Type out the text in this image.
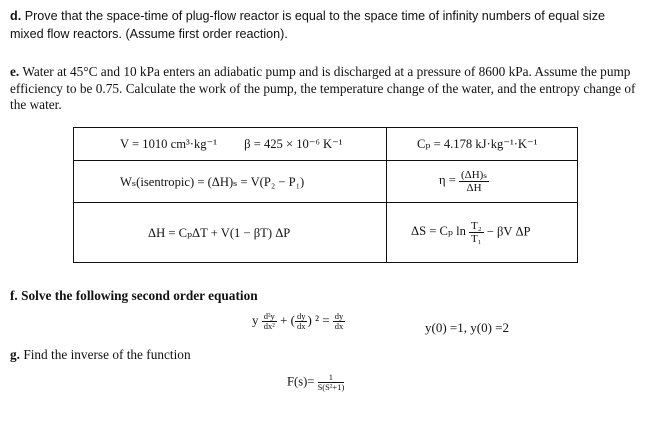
d. Prove that the space-time of plug-flow reactor is equal to the space time of infinity numbers of equal size mixed flow reactors. (Assume first order reaction).
e. Water at 45°C and 10 kPa enters an adiabatic pump and is discharged at a pressure of 8600 kPa. Assume the pump efficiency to be 0.75. Calculate the work of the pump, the temperature change of the water, and the entropy change of the water.
V = 1010 cm³·kg⁻¹ β = 425 × 10⁻⁶ K⁻¹	Cₚ = 4.178 kJ·kg⁻¹·K⁻¹
Wₛ(isentropic) = (ΔH)ₛ = V(P₂ − P₁)	$\eta = \frac{\text{(ΔH)ₛ}}{\Delta H}$

ΔH = CₚΔT + V(1 − βT) ΔP	ΔS = Cₚ $\ln \frac{\text{T₂}}{\text{T₁}} - \beta V$ ΔP
f. Solve the following second order equation
y $\frac{\text{d²y}}{\text{dx²}}$ + ( $\frac{dy}{dx}$ ) $^2 = \frac{dy}{dx}$	y(0) =1, y(0) =2
g. Find the inverse of the function
$F(s)= \frac{1}{\text{S(S²+1)}}$
